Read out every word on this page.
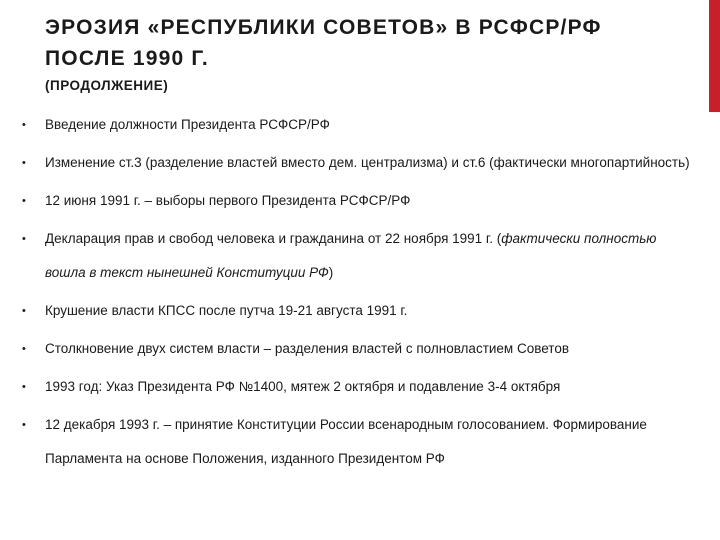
ЭРОЗИЯ «РЕСПУБЛИКИ СОВЕТОВ» В РСФСР/РФ ПОСЛЕ 1990 Г.
(ПРОДОЛЖЕНИЕ)
• Введение должности Президента РСФСР/РФ
• Изменение ст.3 (разделение властей вместо дем. централизма) и ст.6 (фактически многопартийность)
• 12 июня 1991 г. – выборы первого Президента РСФСР/РФ
• Декларация прав и свобод человека и гражданина от 22 ноября 1991 г. (фактически полностью вошла в текст нынешней Конституции РФ)
• Крушение власти КПСС после путча 19-21 августа 1991 г.
• Столкновение двух систем власти – разделения властей с полновластием Советов
• 1993 год: Указ Президента РФ №1400, мятеж 2 октября и подавление 3-4 октября
• 12 декабря 1993 г. – принятие Конституции России всенародным голосованием. Формирование Парламента на основе Положения, изданного Президентом РФ
